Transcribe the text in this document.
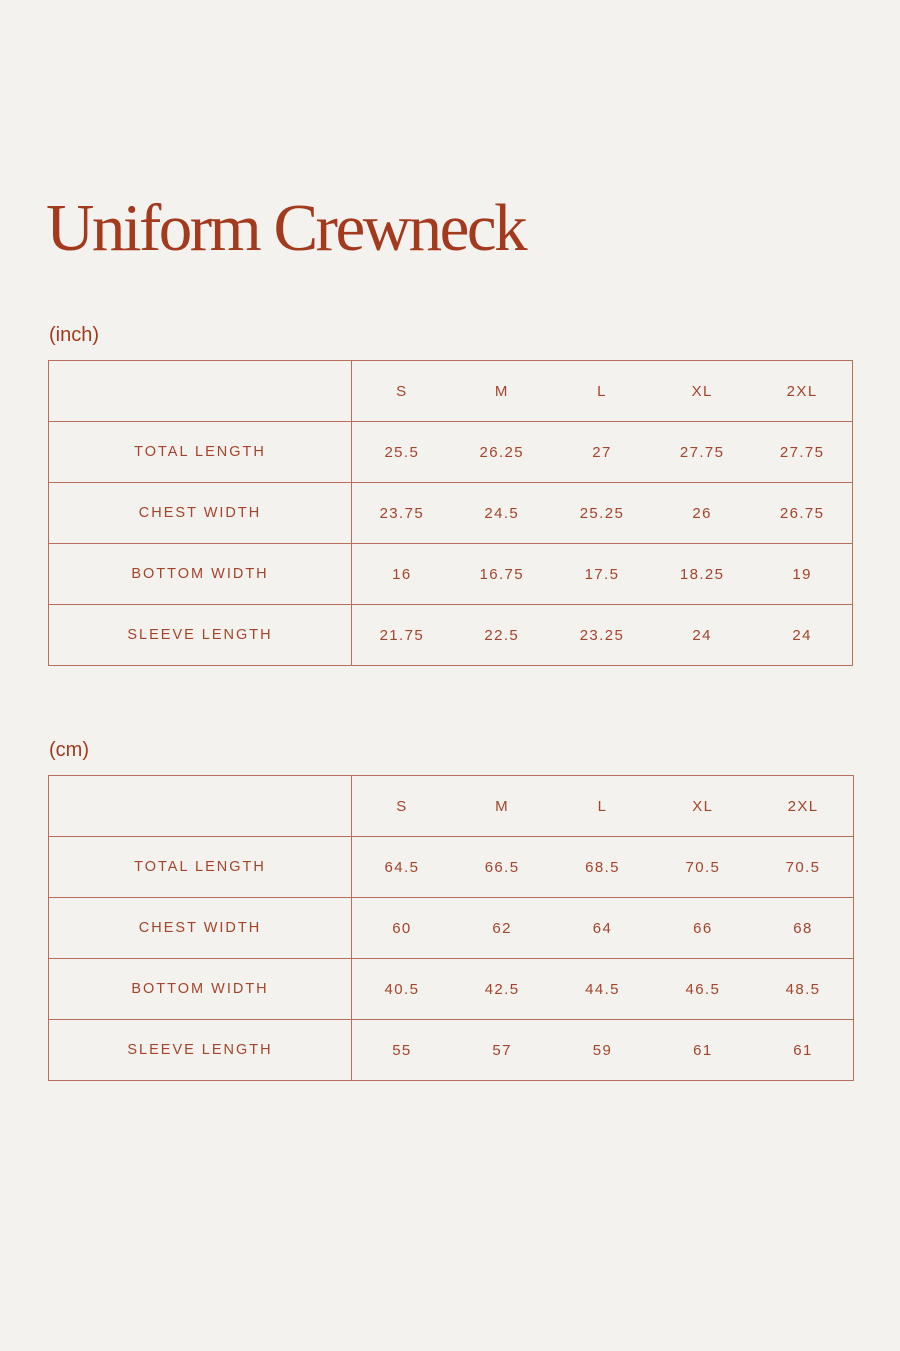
Uniform Crewneck
(inch)
	S	M	L	XL	2XL
TOTAL LENGTH	25.5	26.25	27	27.75	27.75
CHEST WIDTH	23.75	24.5	25.25	26	26.75
BOTTOM WIDTH	16	16.75	17.5	18.25	19
SLEEVE LENGTH	21.75	22.5	23.25	24	24
(cm)
	S	M	L	XL	2XL
TOTAL LENGTH	64.5	66.5	68.5	70.5	70.5
CHEST WIDTH	60	62	64	66	68
BOTTOM WIDTH	40.5	42.5	44.5	46.5	48.5
SLEEVE LENGTH	55	57	59	61	61
